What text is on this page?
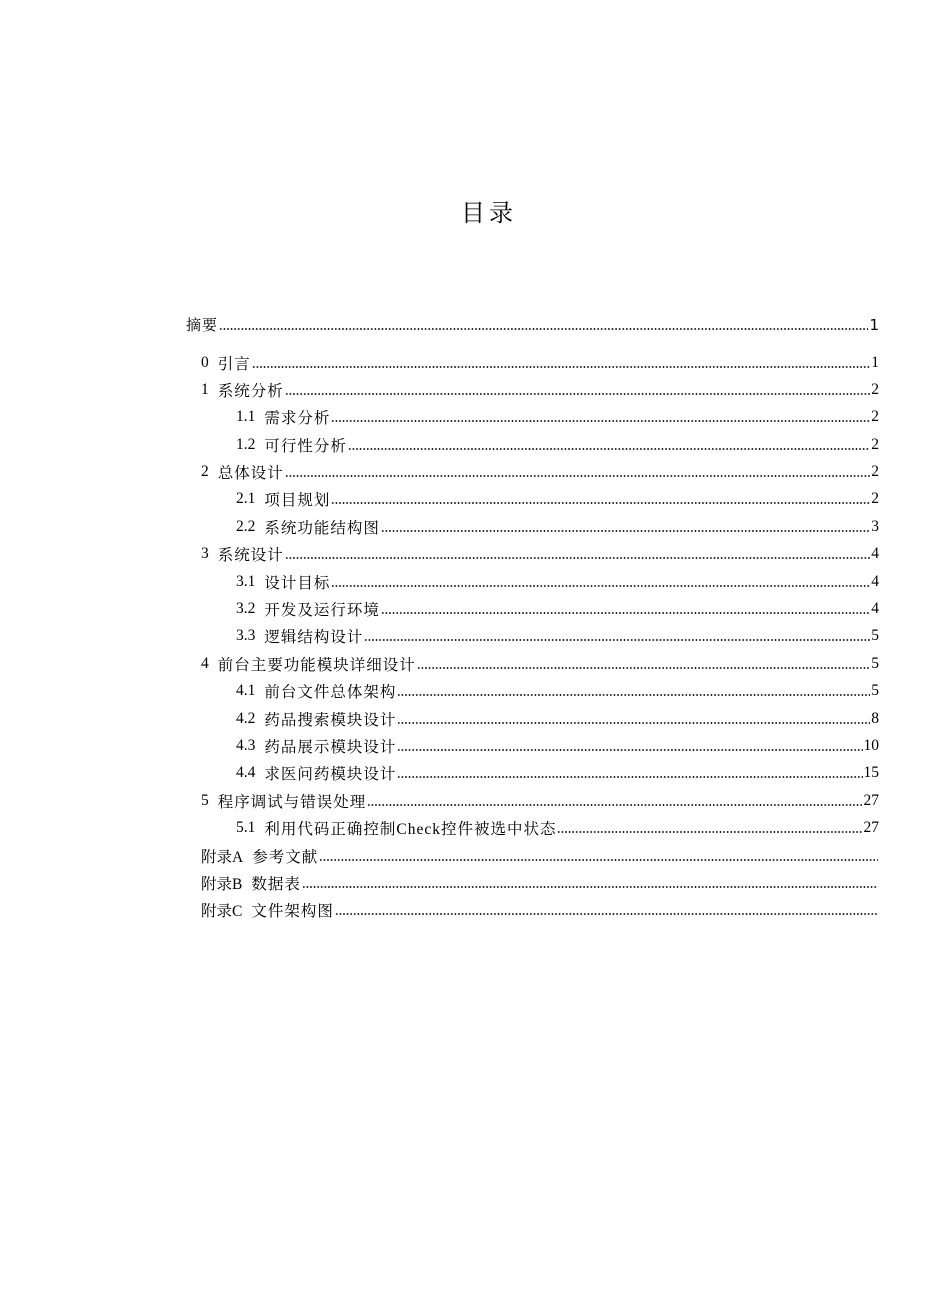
目录
摘要	1
0 引言	1
1 系统分析	2
1.1 需求分析	2
1.2 可行性分析	2
2 总体设计	2
2.1 项目规划	2
2.2 系统功能结构图	3
3 系统设计	4
3.1 设计目标	4
3.2 开发及运行环境	4
3.3 逻辑结构设计	5
4 前台主要功能模块详细设计	5
4.1 前台文件总体架构	5
4.2 药品搜索模块设计	8
4.3 药品展示模块设计	10
4.4 求医问药模块设计	15
5 程序调试与错误处理	27
5.1 利用代码正确控制Check控件被选中状态	27
附录A 参考文献
附录B 数据表
附录C 文件架构图
